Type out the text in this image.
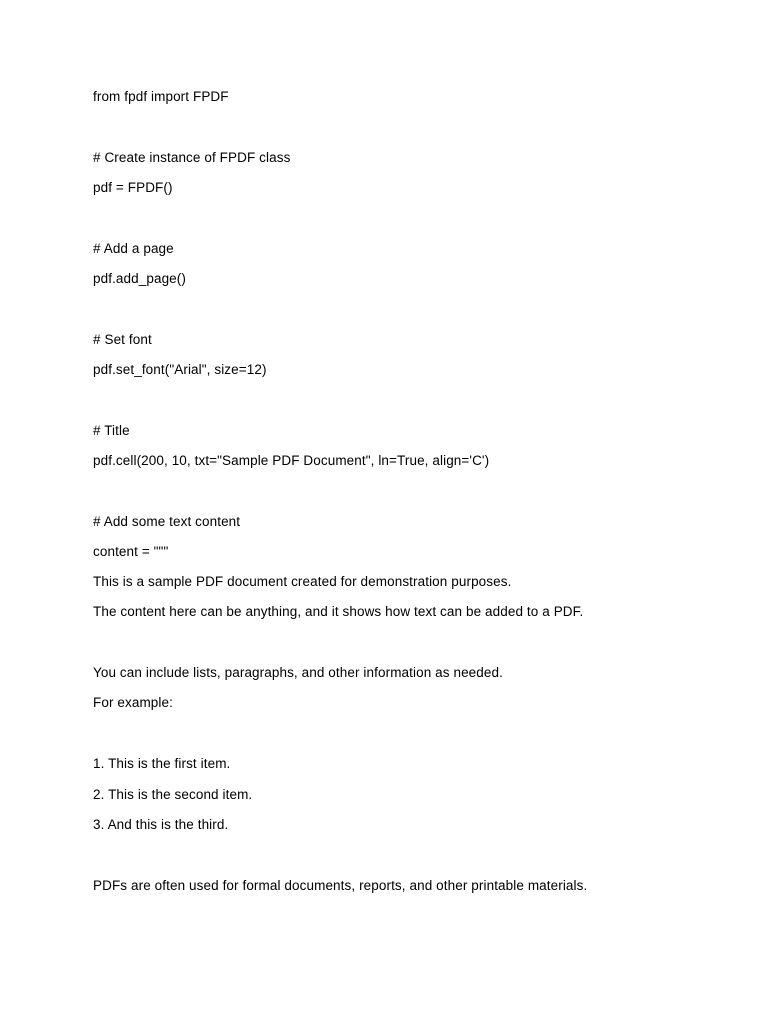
from fpdf import FPDF
# Create instance of FPDF class
pdf = FPDF()
# Add a page
pdf.add_page()
# Set font
pdf.set_font("Arial", size=12)
# Title
pdf.cell(200, 10, txt="Sample PDF Document", ln=True, align='C')
# Add some text content
content = """
This is a sample PDF document created for demonstration purposes.
The content here can be anything, and it shows how text can be added to a PDF.
You can include lists, paragraphs, and other information as needed.
For example:
1. This is the first item.
2. This is the second item.
3. And this is the third.
PDFs are often used for formal documents, reports, and other printable materials.
